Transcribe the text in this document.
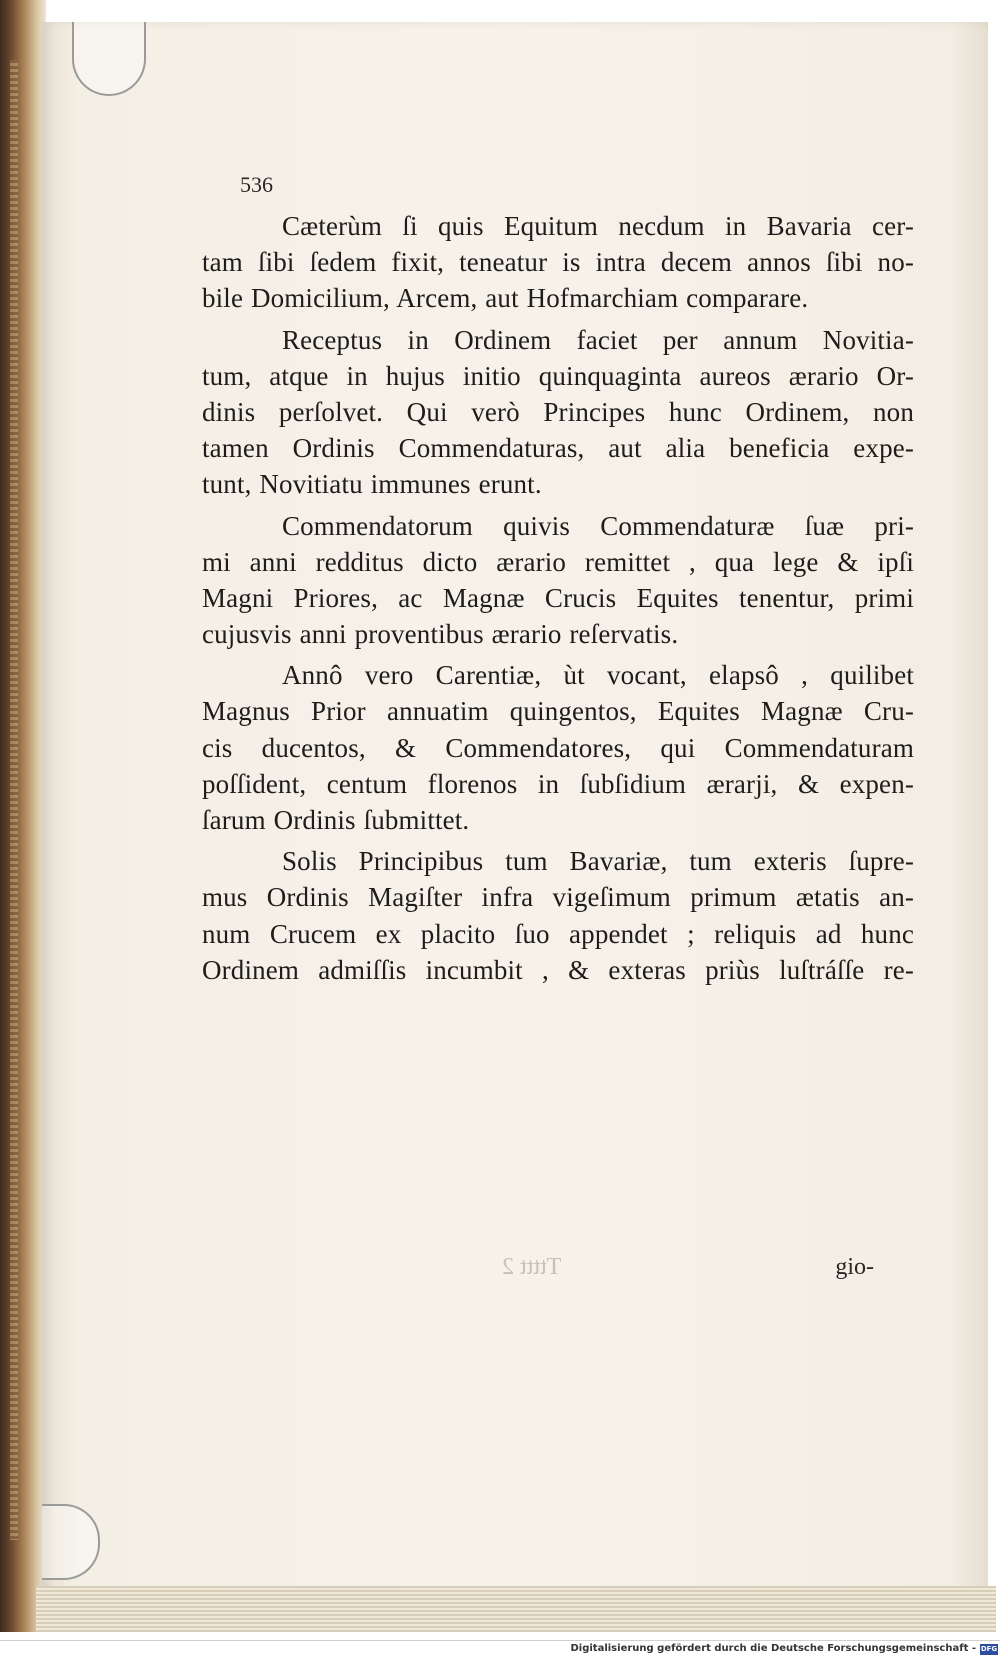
536
Cæterùm ſi quis Equitum necdum in Bavaria cer-
tam ſibi ſedem fixit, teneatur is intra decem annos ſibi no-
bile Domicilium, Arcem, aut Hofmarchiam comparare.
Receptus in Ordinem faciet per annum Novitia-
tum, atque in hujus initio quinquaginta aureos ærario Or-
dinis perſolvet. Qui verò Principes hunc Ordinem, non
tamen Ordinis Commendaturas, aut alia beneficia expe-
tunt, Novitiatu immunes erunt.
Commendatorum quivis Commendaturæ ſuæ pri-
mi anni redditus dicto ærario remittet , qua lege & ipſi
Magni Priores, ac Magnæ Crucis Equites tenentur, primi
cujusvis anni proventibus ærario reſervatis.
Annô vero Carentiæ, ùt vocant, elapsô , quilibet
Magnus Prior annuatim quingentos, Equites Magnæ Cru-
cis ducentos, & Commendatores, qui Commendaturam
poſſident, centum florenos in ſubſidium ærarji, & expen-
ſarum Ordinis ſubmittet.
Solis Principibus tum Bavariæ, tum exteris ſupre-
mus Ordinis Magiſter infra vigeſimum primum ætatis an-
num Crucem ex placito ſuo appendet ; reliquis ad hunc
Ordinem admiſſis incumbit , & exteras priùs luſtráſſe re-
Ttttt 2	gio-
Digitalisierung gefördert durch die Deutsche Forschungsgemeinschaft - DFG
